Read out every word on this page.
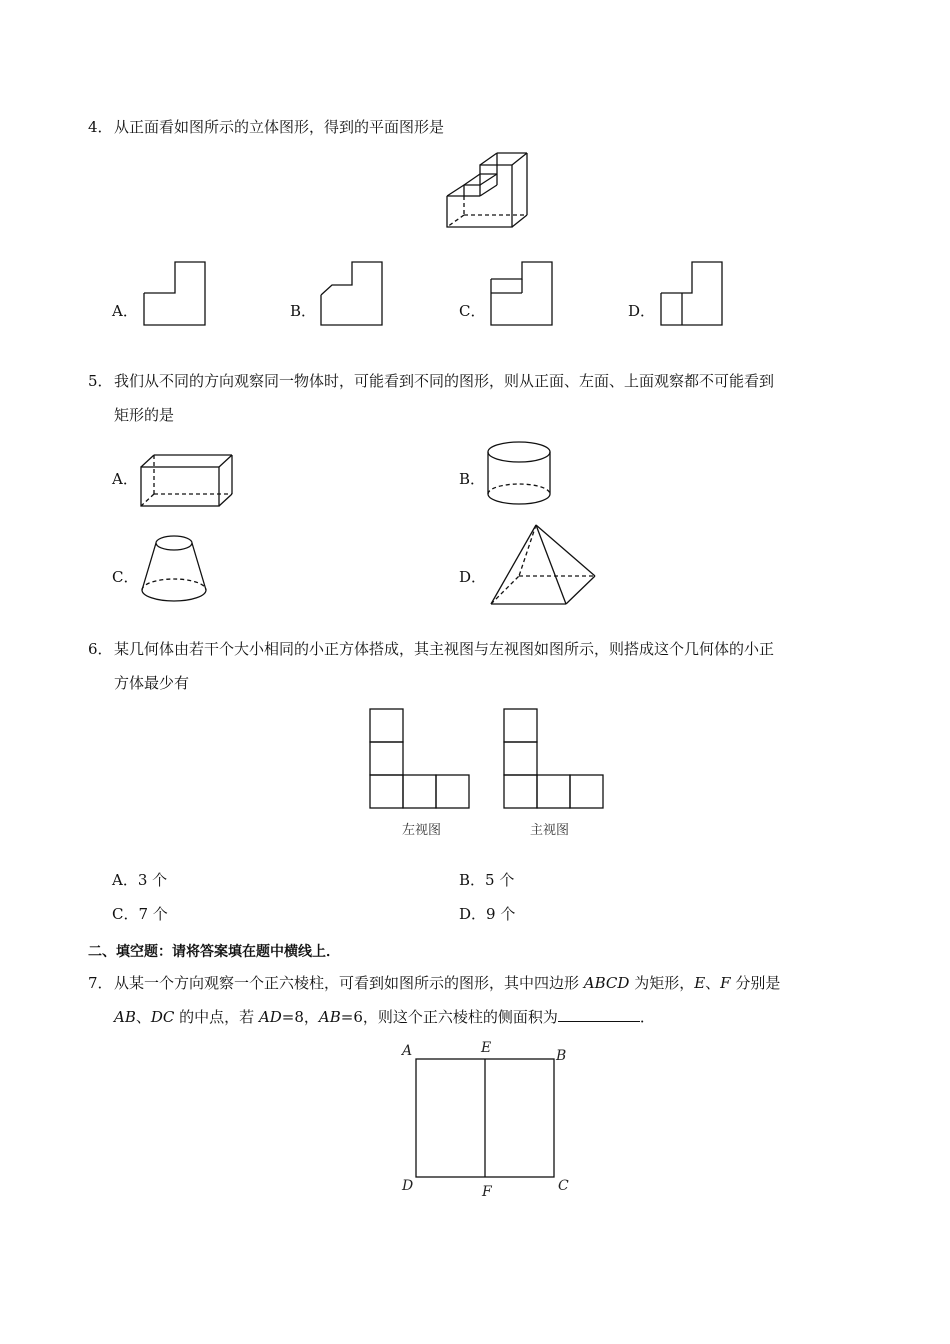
4．从正面看如图所示的立体图形，得到的平面图形是
A．	B．	C．	D．
5．我们从不同的方向观察同一物体时，可能看到不同的图形，则从正面、左面、上面观察都不可能看到
矩形的是
A．	B．
C．	D．
6．某几何体由若干个大小相同的小正方体搭成，其主视图与左视图如图所示，则搭成这个几何体的小正
方体最少有
左视图	主视图
A．3 个	B．5 个
C．7 个	D．9 个
二、填空题：请将答案填在题中横线上．
7．从某一个方向观察一个正六棱柱，可看到如图所示的图形，其中四边形 ABCD 为矩形，E、F 分别是
AB、DC 的中点，若 AD=8，AB=6，则这个正六棱柱的侧面积为	．
A	E	B
D	F	C
